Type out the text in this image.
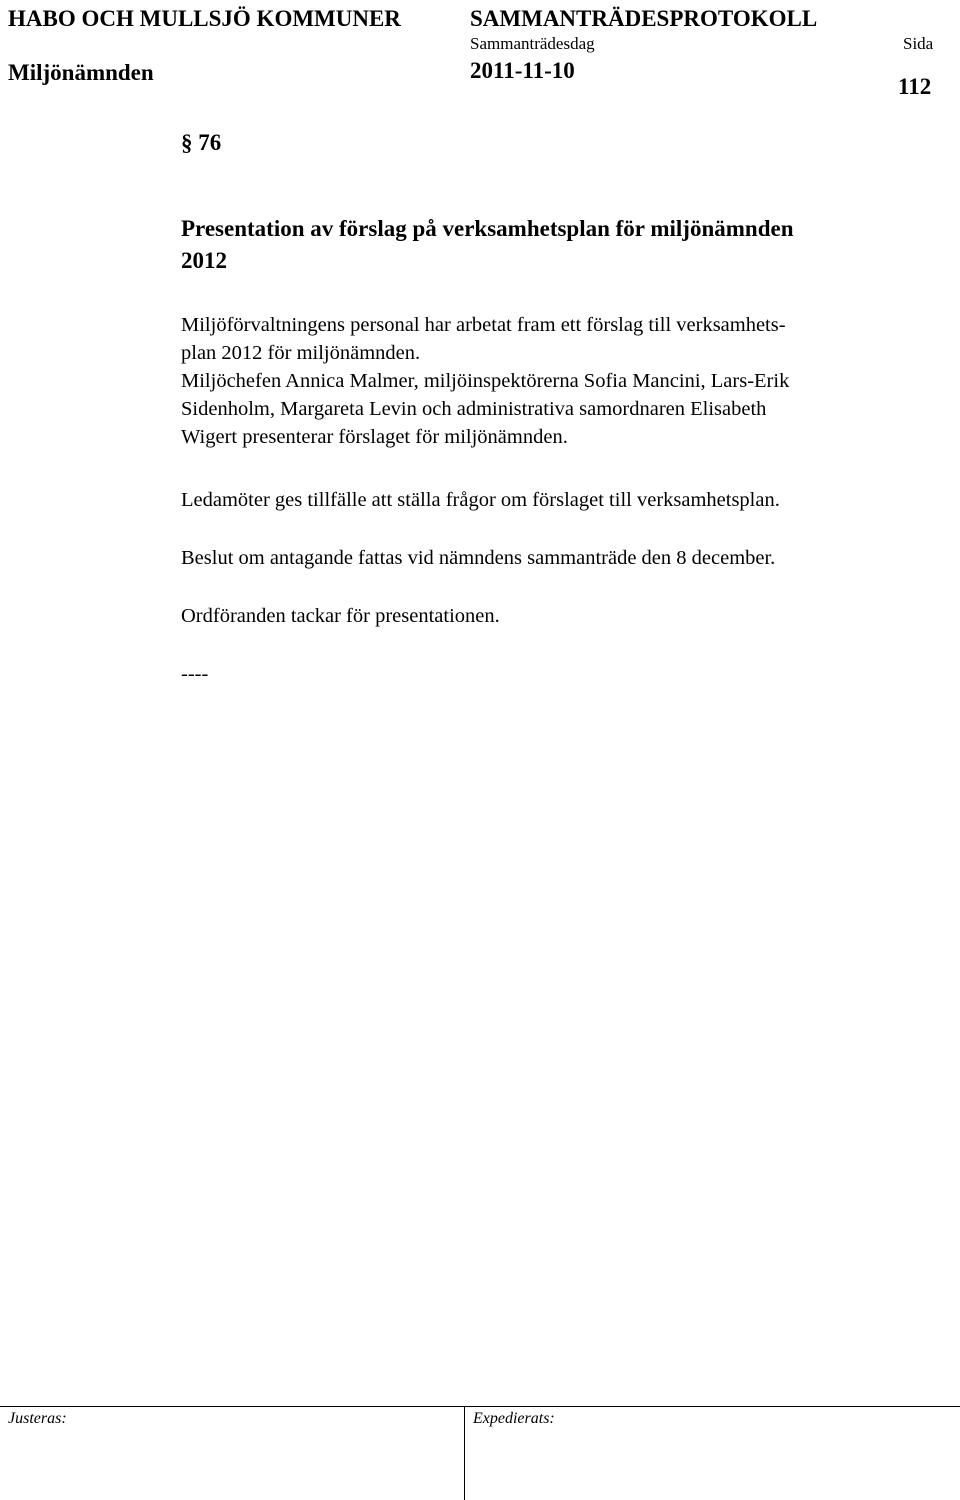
HABO OCH MULLSJÖ KOMMUNER	SAMMANTRÄDESPROTOKOLL
Sammanträdesdag	Sida
Miljönämnden	2011-11-10
112
§ 76
Presentation av förslag på verksamhetsplan för miljönämnden
2012

Miljöförvaltningens personal har arbetat fram ett förslag till verksamhets-

plan 2012 för miljönämnden.

Miljöchefen Annica Malmer, miljöinspektörerna Sofia Mancini, Lars-Erik

Sidenholm, Margareta Levin och administrativa samordnaren Elisabeth

Wigert presenterar förslaget för miljönämnden.

Ledamöter ges tillfälle att ställa frågor om förslaget till verksamhetsplan.

Beslut om antagande fattas vid nämndens sammanträde den 8 december.

Ordföranden tackar för presentationen.

----

Justeras:	Expedierats:
